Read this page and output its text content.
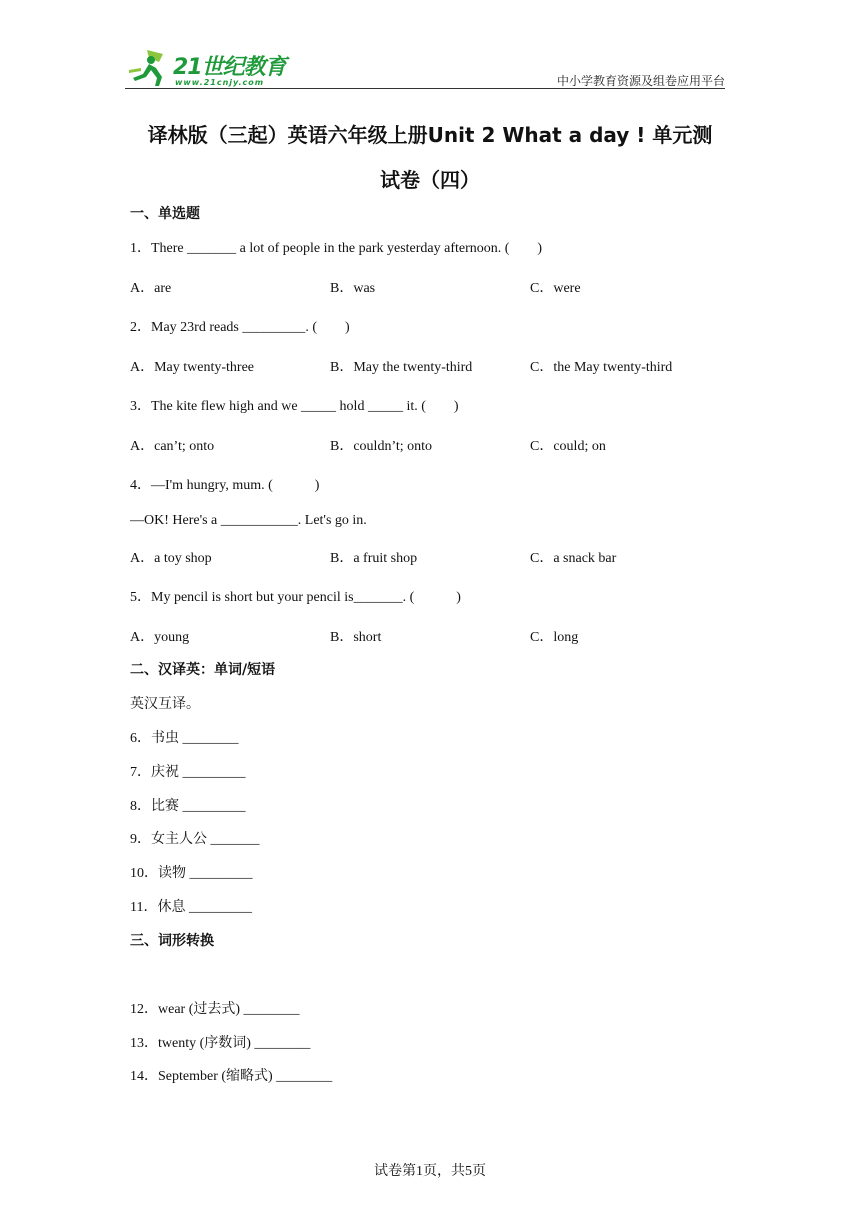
21世纪教育
www.21cnjy.com	中小学教育资源及组卷应用平台
译林版（三起）英语六年级上册Unit 2 What a day ! 单元测
试卷（四）
一、单选题
1．There _______ a lot of people in the park yesterday afternoon. (　　)
A．are	B．was	C．were
2．May 23rd reads _________. (　　)
A．May twenty-three	B．May the twenty-third	C．the May twenty-third
3．The kite flew high and we _____ hold _____ it. (　　)
A．can’t; onto	B．couldn’t; onto	C．could; on
4．—I'm hungry, mum. (　　　)
—OK! Here's a ___________. Let's go in.
A．a toy shop	B．a fruit shop	C．a snack bar
5．My pencil is short but your pencil is_______. (　　　)
A．young	B．short	C．long
二、汉译英：单词/短语
英汉互译。
6．书虫 ________
7．庆祝 _________
8．比赛 _________
9．女主人公 _______
10．读物 _________
11．休息 _________
三、词形转换
12．wear (过去式) ________
13．twenty (序数词) ________
14．September (缩略式) ________
试卷第1页，共5页
